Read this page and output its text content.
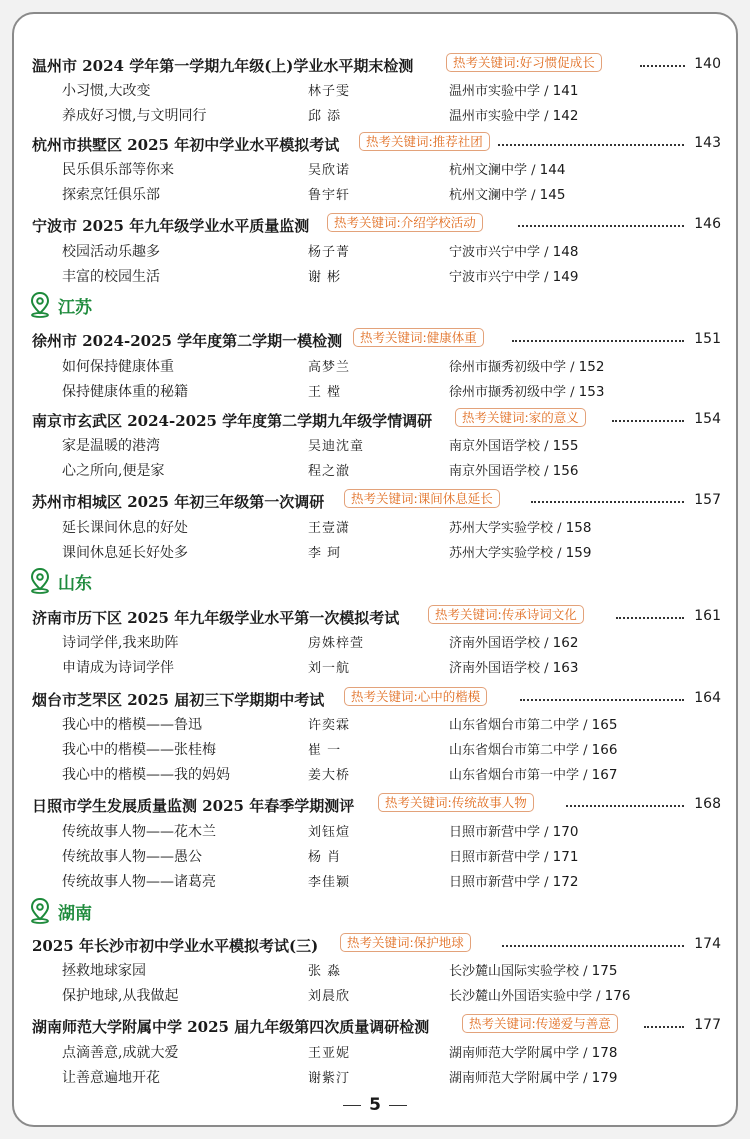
温州市 2024 学年第一学期九年级(上)学业水平期末检测	热考关键词:好习惯促成长	140
小习惯,大改变	林子雯	温州市实验中学 / 141
养成好习惯,与文明同行	邱 添	温州市实验中学 / 142
杭州市拱墅区 2025 年初中学业水平模拟考试	热考关键词:推荐社团	143
民乐俱乐部等你来	吴欣诺	杭州文澜中学 / 144
探索烹饪俱乐部	鲁宇轩	杭州文澜中学 / 145
宁波市 2025 年九年级学业水平质量监测	热考关键词:介绍学校活动	146
校园活动乐趣多	杨子菁	宁波市兴宁中学 / 148
丰富的校园生活	谢 彬	宁波市兴宁中学 / 149
江苏
徐州市 2024-2025 学年度第二学期一模检测	热考关键词:健康体重	151
如何保持健康体重	高梦兰	徐州市撷秀初级中学 / 152
保持健康体重的秘籍	王 樘	徐州市撷秀初级中学 / 153
南京市玄武区 2024-2025 学年度第二学期九年级学情调研	热考关键词:家的意义	154
家是温暖的港湾	吴迪沈童	南京外国语学校 / 155
心之所向,便是家	程之澈	南京外国语学校 / 156
苏州市相城区 2025 年初三年级第一次调研	热考关键词:课间休息延长	157
延长课间休息的好处	王壹潇	苏州大学实验学校 / 158
课间休息延长好处多	李 珂	苏州大学实验学校 / 159
山东
济南市历下区 2025 年九年级学业水平第一次模拟考试	热考关键词:传承诗词文化	161
诗词学伴,我来助阵	房姝梓萱	济南外国语学校 / 162
申请成为诗词学伴	刘一航	济南外国语学校 / 163
烟台市芝罘区 2025 届初三下学期期中考试	热考关键词:心中的楷模	164
我心中的楷模——鲁迅	许奕霖	山东省烟台市第二中学 / 165
我心中的楷模——张桂梅	崔 一	山东省烟台市第二中学 / 166
我心中的楷模——我的妈妈	姜大桥	山东省烟台市第一中学 / 167
日照市学生发展质量监测 2025 年春季学期测评	热考关键词:传统故事人物	168
传统故事人物——花木兰	刘钰煊	日照市新营中学 / 170
传统故事人物——愚公	杨 肖	日照市新营中学 / 171
传统故事人物——诸葛亮	李佳颖	日照市新营中学 / 172
湖南
2025 年长沙市初中学业水平模拟考试(三)	热考关键词:保护地球	174
拯救地球家园	张 淼	长沙麓山国际实验学校 / 175
保护地球,从我做起	刘晨欣	长沙麓山外国语实验中学 / 176
湖南师范大学附属中学 2025 届九年级第四次质量调研检测	热考关键词:传递爱与善意	177
点滴善意,成就大爱	王亚妮	湖南师范大学附属中学 / 178
让善意遍地开花	谢紫汀	湖南师范大学附属中学 / 179
5
